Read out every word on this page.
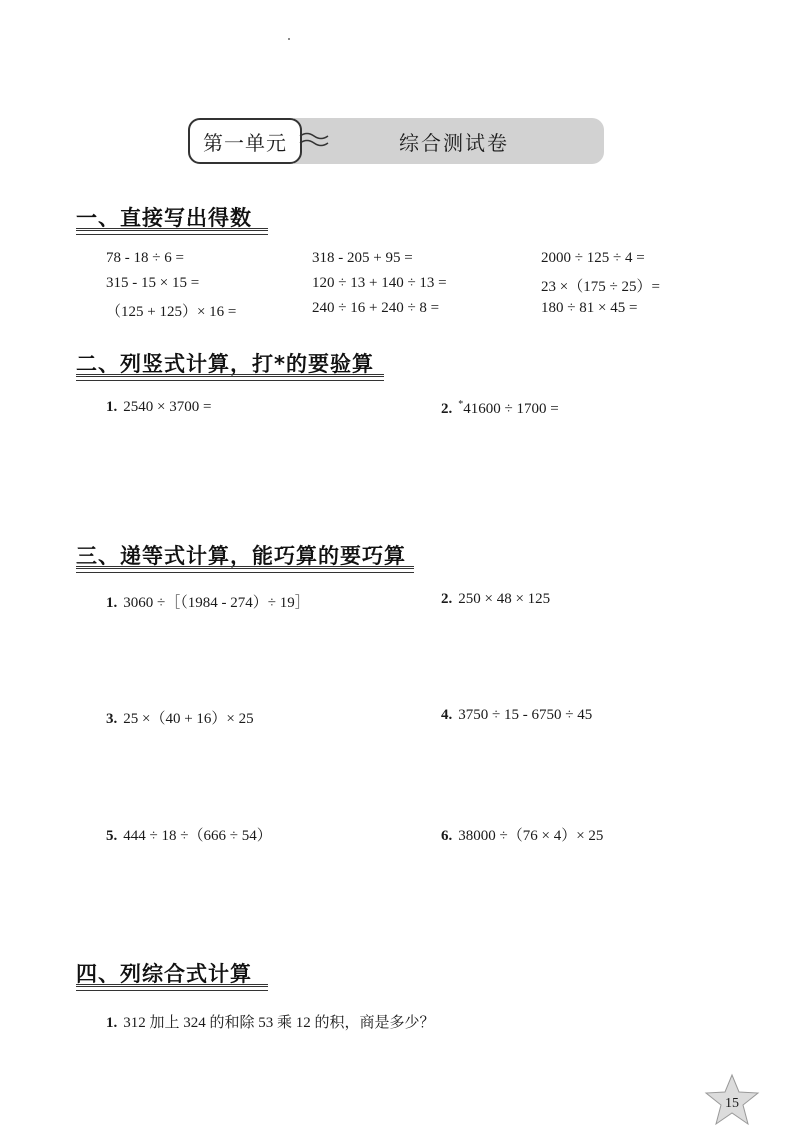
第一单元	综合测试卷
一、直接写出得数
78 - 18 ÷ 6 =	318 - 205 + 95 =	2000 ÷ 125 ÷ 4 =
315 - 15 × 15 =	120 ÷ 13 + 140 ÷ 13 =	23 ×（175 ÷ 25）=
（125 + 125）× 16 =	240 ÷ 16 + 240 ÷ 8 =	180 ÷ 81 × 45 =
二、列竖式计算，打*的要验算
1. 2540 × 3700 =	2. *41600 ÷ 1700 =
三、递等式计算，能巧算的要巧算
1. 3060 ÷［（1984 - 274）÷ 19］	2. 250 × 48 × 125
3. 25 ×（40 + 16）× 25	4. 3750 ÷ 15 - 6750 ÷ 45
5. 444 ÷ 18 ÷（666 ÷ 54）	6. 38000 ÷（76 × 4）× 25
四、列综合式计算
1. 312 加上 324 的和除 53 乘 12 的积，商是多少？
15
